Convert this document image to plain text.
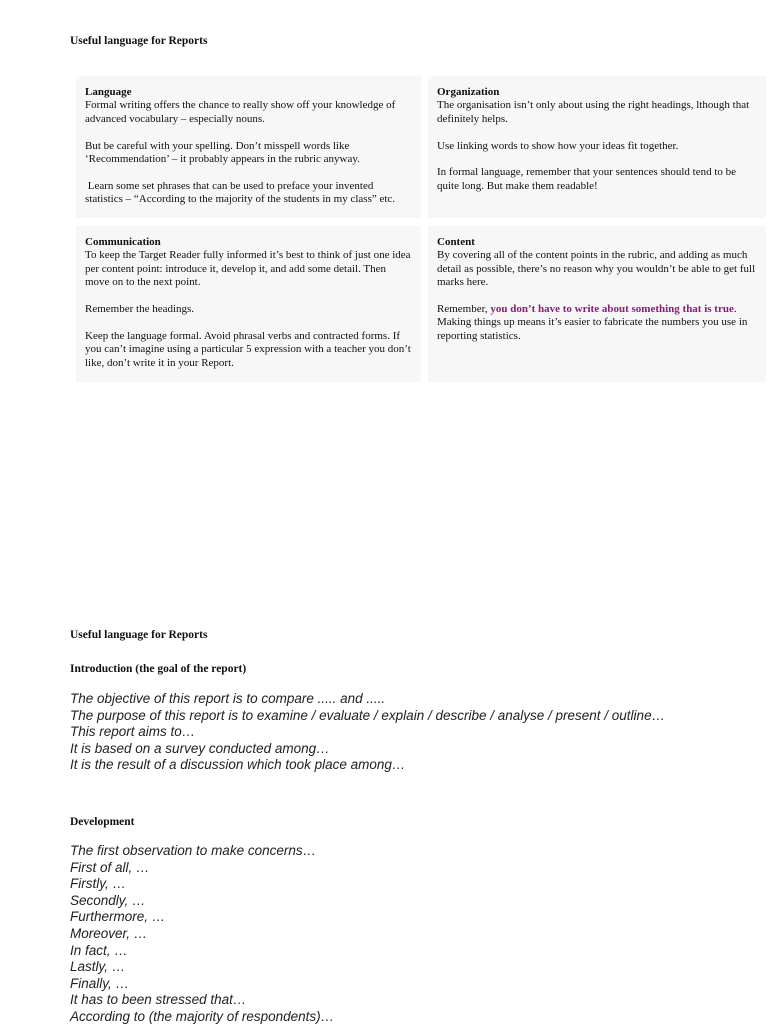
Useful language for Reports
Language

Formal writing offers the chance to really show off your knowledge of advanced vocabulary – especially nouns.

But be careful with your spelling. Don’t misspell words like ‘Recommendation’ – it probably appears in the rubric anyway.

Learn some set phrases that can be used to preface your invented statistics – “According to the majority of the students in my class” etc.

Organization

The organisation isn’t only about using the right headings, lthough that definitely helps.

Use linking words to show how your ideas fit together.

In formal language, remember that your sentences should tend to be quite long. But make them readable!

Communication

To keep the Target Reader fully informed it’s best to think of just one idea per content point: introduce it, develop it, and add some detail. Then move on to the next point.

Remember the headings.

Keep the language formal. Avoid phrasal verbs and contracted forms. If you can’t imagine using a particular 5 expression with a teacher you don’t like, don’t write it in your Report.

Content

By covering all of the content points in the rubric, and adding as much detail as possible, there’s no reason why you wouldn’t be able to get full marks here.

Remember, you don’t have to write about something that is true. Making things up means it’s easier to fabricate the numbers you use in reporting statistics.

Useful language for Reports
Introduction (the goal of the report)
The objective of this report is to compare ..... and .....
The purpose of this report is to examine / evaluate / explain / describe / analyse / present / outline…
This report aims to…
It is based on a survey conducted among…
It is the result of a discussion which took place among…
Development
The first observation to make concerns…
First of all, …
Firstly, …
Secondly, …
Furthermore, …
Moreover, …
In fact, …
Lastly, …
Finally, …
It has to been stressed that…
According to (the majority of respondents)…
